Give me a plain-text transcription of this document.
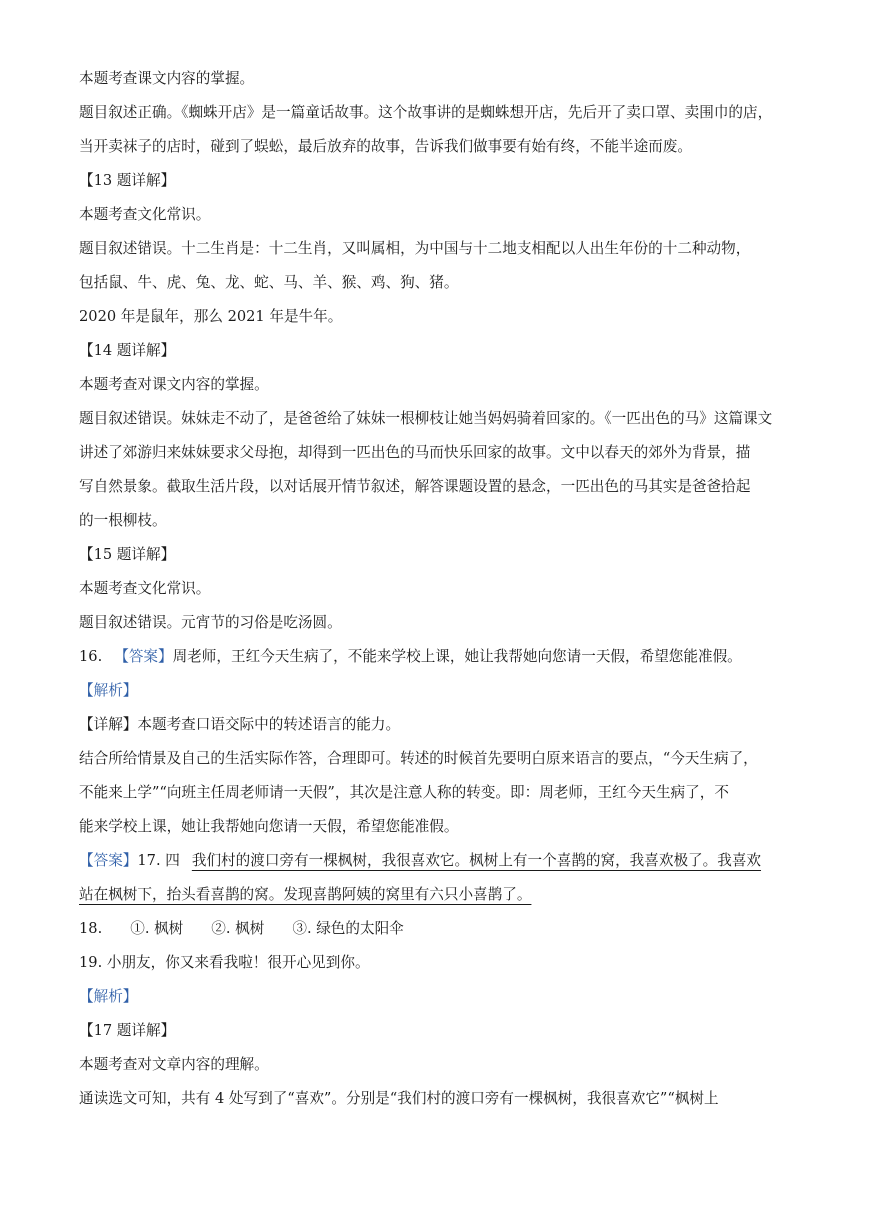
本题考查课文内容的掌握。
题目叙述正确。《蜘蛛开店》是一篇童话故事。这个故事讲的是蜘蛛想开店，先后开了卖口罩、卖围巾的店，
当开卖袜子的店时，碰到了蜈蚣，最后放弃的故事，告诉我们做事要有始有终，不能半途而废。
【13 题详解】
本题考查文化常识。
题目叙述错误。十二生肖是：十二生肖，又叫属相，为中国与十二地支相配以人出生年份的十二种动物，
包括鼠、牛、虎、兔、龙、蛇、马、羊、猴、鸡、狗、猪。
2020 年是鼠年，那么 2021 年是牛年。
【14 题详解】
本题考查对课文内容的掌握。
题目叙述错误。妹妹走不动了，是爸爸给了妹妹一根柳枝让她当妈妈骑着回家的。《一匹出色的马》这篇课文
讲述了郊游归来妹妹要求父母抱，却得到一匹出色的马而快乐回家的故事。文中以春天的郊外为背景，描
写自然景象。截取生活片段，以对话展开情节叙述，解答课题设置的悬念，一匹出色的马其实是爸爸拾起
的一根柳枝。
【15 题详解】
本题考查文化常识。
题目叙述错误。元宵节的习俗是吃汤圆。
16. 【答案】周老师，王红今天生病了，不能来学校上课，她让我帮她向您请一天假，希望您能准假。
【解析】
【详解】本题考查口语交际中的转述语言的能力。
结合所给情景及自己的生活实际作答，合理即可。转述的时候首先要明白原来语言的要点，“今天生病了，
不能来上学”“向班主任周老师请一天假”，其次是注意人称的转变。即：周老师，王红今天生病了，不
能来学校上课，她让我帮她向您请一天假，希望您能准假。
【答案】17. 四 我们村的渡口旁有一棵枫树，我很喜欢它。枫树上有一个喜鹊的窝，我喜欢极了。我喜欢
站在枫树下，抬头看喜鹊的窝。发现喜鹊阿姨的窝里有六只小喜鹊了。
18. ①. 枫树 ②. 枫树 ③. 绿色的太阳伞
19. 小朋友，你又来看我啦！很开心见到你。
【解析】
【17 题详解】
本题考查对文章内容的理解。
通读选文可知，共有 4 处写到了“喜欢”。分别是“我们村的渡口旁有一棵枫树，我很喜欢它”“枫树上
